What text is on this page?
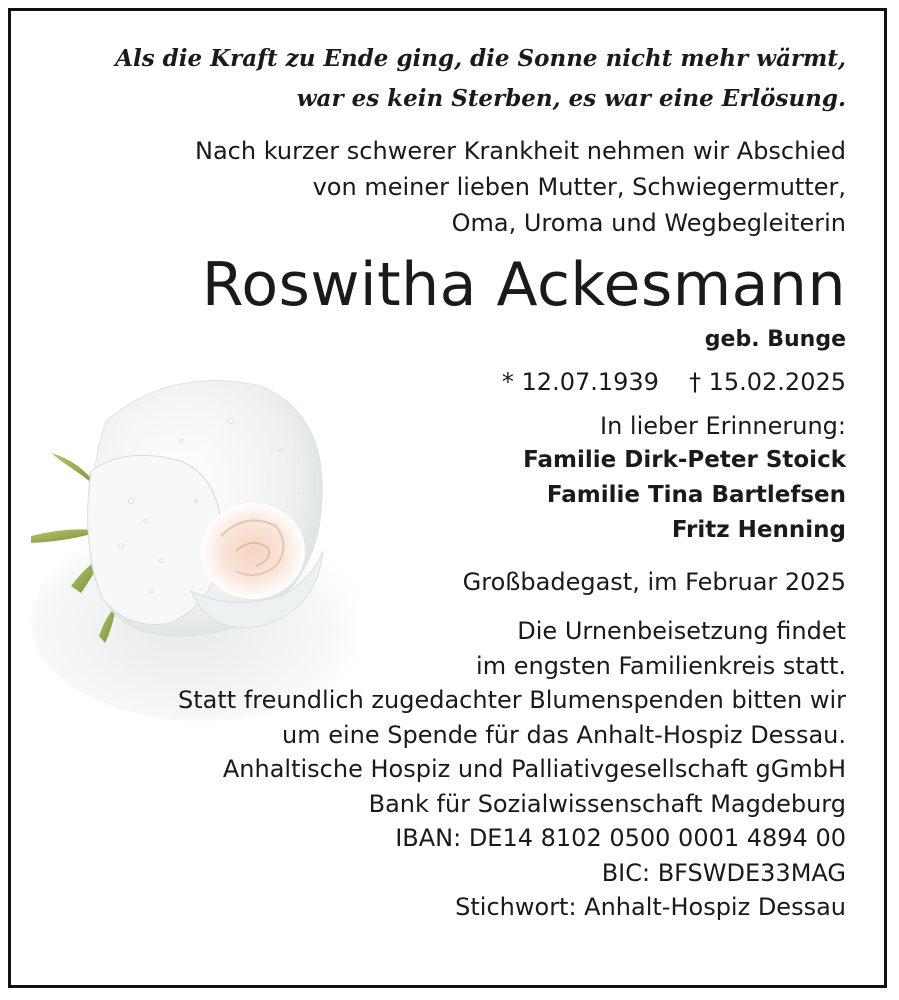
Als die Kraft zu Ende ging, die Sonne nicht mehr wärmt,
war es kein Sterben, es war eine Erlösung.
Nach kurzer schwerer Krankheit nehmen wir Abschied
von meiner lieben Mutter, Schwiegermutter,
Oma, Uroma und Wegbegleiterin
Roswitha Ackesmann
geb. Bunge
* 12.07.1939 † 15.02.2025
In lieber Erinnerung:
Familie Dirk-Peter Stoick
Familie Tina Bartlefsen
Fritz Henning
Großbadegast, im Februar 2025
Die Urnenbeisetzung findet
im engsten Familienkreis statt.
Statt freundlich zugedachter Blumenspenden bitten wir
um eine Spende für das Anhalt-Hospiz Dessau.
Anhaltische Hospiz und Palliativgesellschaft gGmbH
Bank für Sozialwissenschaft Magdeburg
IBAN: DE14 8102 0500 0001 4894 00
BIC: BFSWDE33MAG
Stichwort: Anhalt-Hospiz Dessau
